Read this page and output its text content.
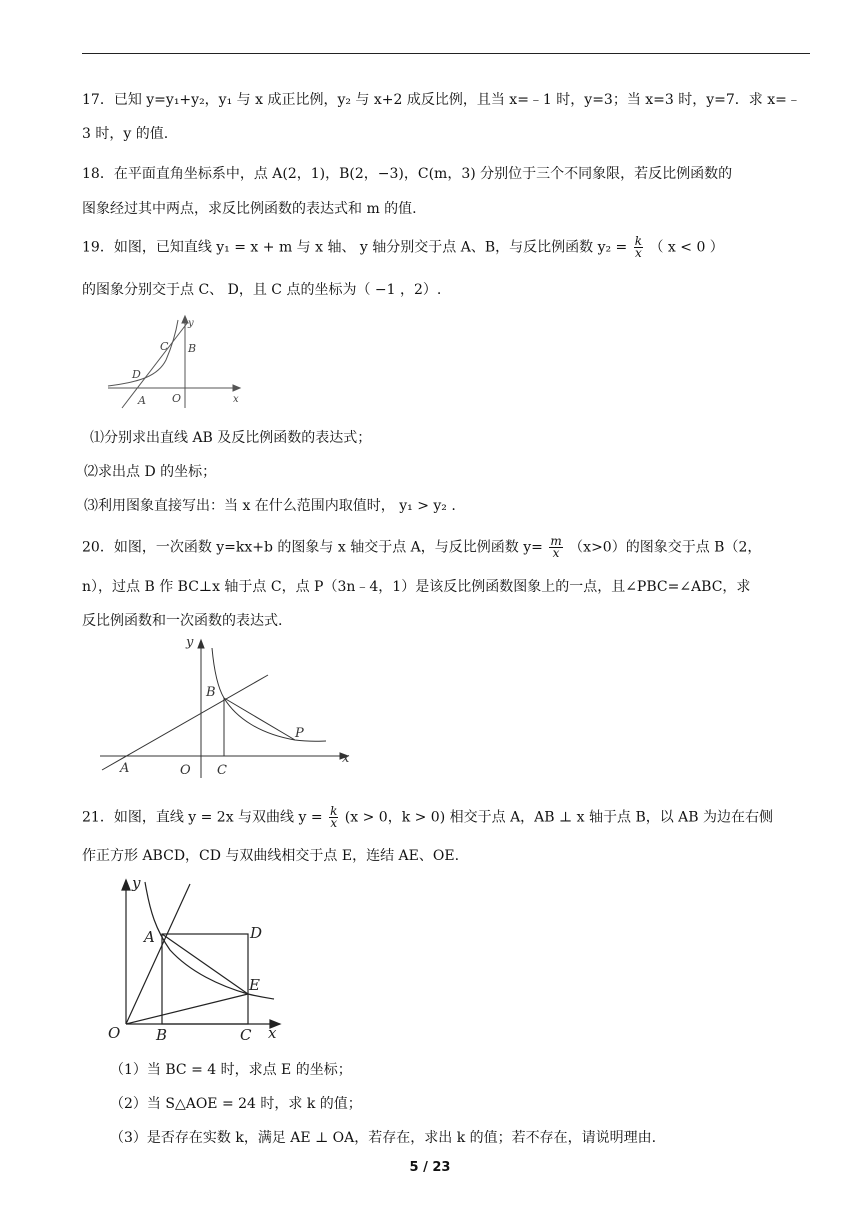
17．已知 y=y₁+y₂，y₁ 与 x 成正比例，y₂ 与 x+2 成反比例，且当 x=﹣1 时，y=3；当 x=3 时，y=7．求 x=﹣
3 时，y 的值.
18．在平面直角坐标系中，点 A(2，1)，B(2，−3)，C(m，3) 分别位于三个不同象限，若反比例函数的
图象经过其中两点，求反比例函数的表达式和 m 的值.
19．如图，已知直线 y₁ = x + m 与 x 轴、 y 轴分别交于点 A、B，与反比例函数 $y_2 = \frac{k}{x}$ （ x < 0 ）
的图象分别交于点 C、 D，且 C 点的坐标为（ −1 ，2）.
y
x
C B
D
A O
⑴分别求出直线 AB 及反比例函数的表达式；
⑵求出点 D 的坐标；
⑶利用图象直接写出：当 x 在什么范围内取值时， y₁ > y₂ .
20．如图，一次函数 y=kx+b 的图象与 x 轴交于点 A，与反比例函数 $y= \frac{m}{x} (x>0)$的图象交于点 B（2，
n），过点 B 作 BC⊥x 轴于点 C，点 P（3n﹣4，1）是该反比例函数图象上的一点，且∠PBC=∠ABC，求
反比例函数和一次函数的表达式.
y
x
B
P
A	O C
21．如图，直线 y = 2x 与双曲线 $y = \frac{k}{x} (x > 0$，k > 0) 相交于点 A，AB ⊥ x 轴于点 B，以 AB 为边在右侧
作正方形 ABCD，CD 与双曲线相交于点 E，连结 AE、OE.
y
x
A	D
E
O B	C
（1）当 BC = 4 时，求点 E 的坐标；
（2）当 S△AOE = 24 时，求 k 的值；
（3）是否存在实数 k，满足 AE ⊥ OA，若存在，求出 k 的值；若不存在，请说明理由.
5 / 23
